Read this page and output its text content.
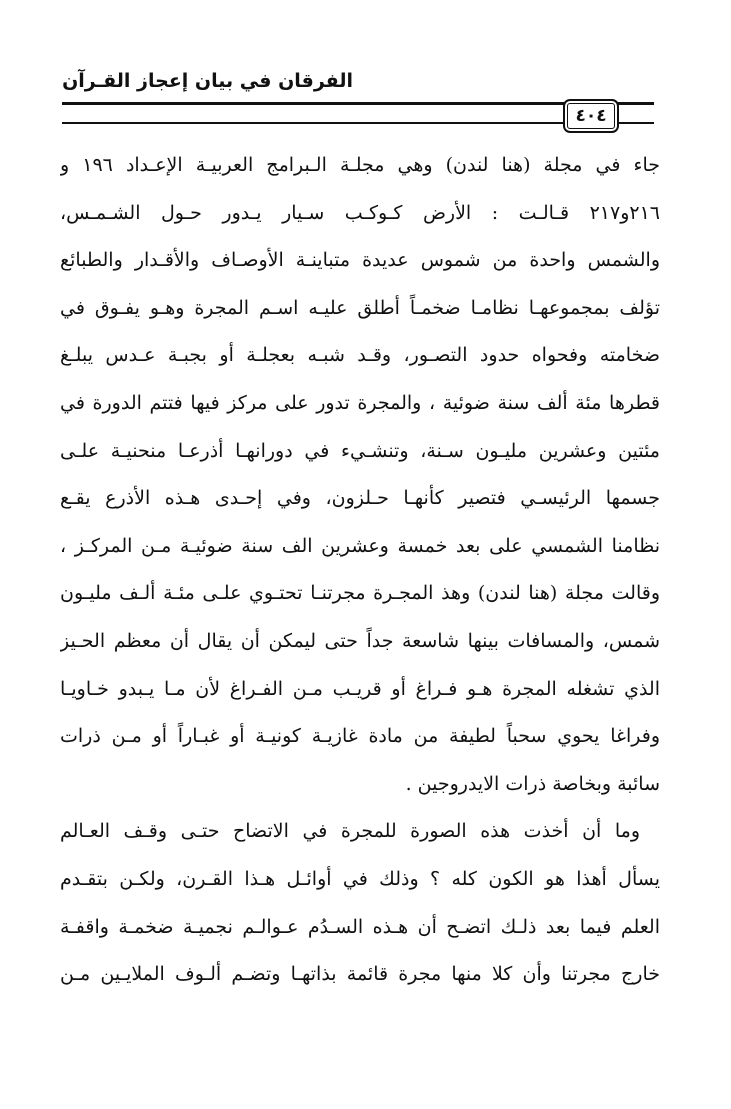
الفرقان في بيان إعجاز القـرآن
٤٠٤
جاء في مجلة (هنا لندن) وهي مجلـة الـبرامج العربيـة الإعـداد ١٩٦ و
٢١٦و٢١٧ قـالـت : الأرض كـوكـب سـيار يـدور حـول الشـمـس،
والشمس واحدة من شموس عديدة متباينـة الأوصـاف والأقـدار والطبائع
تؤلف بمجموعهـا نظامـا ضخمـاً أطلق عليـه اسـم المجرة وهـو يفـوق في
ضخامته وفحواه حدود التصـور، وقـد شبـه بعجلـة أو بجبـة عـدس يبلـغ
قطرها مئة ألف سنة ضوئية ، والمجرة تدور على مركز فيها فتتم الدورة في
مئتين وعشرين مليـون سـنة، وتنشـيء في دورانهـا أذرعـا منحنيـة علـى
جسمها الرئيسـي فتصير كأنهـا حـلزون، وفي إحـدى هـذه الأذرع يقـع
نظامنا الشمسي على بعد خمسة وعشرين الف سنة ضوئيـة مـن المركـز ،
وقالت مجلة (هنا لندن) وهذ المجـرة مجرتنـا تحتـوي علـى مئـة ألـف مليـون
شمس، والمسافات بينها شاسعة جداً حتى ليمكن أن يقال أن معظم الحـيز
الذي تشغله المجرة هـو فـراغ أو قريـب مـن الفـراغ لأن مـا يـبدو خـاويـا
وفراغا يحوي سحباً لطيفة من مادة غازيـة كونيـة أو غبـاراً أو مـن ذرات
سائبة وبخاصة ذرات الايدروجين .
وما أن أخذت هذه الصورة للمجرة في الاتضاح حتـى وقـف العـالم
يسأل أهذا هو الكون كله ؟ وذلك في أوائـل هـذا القـرن، ولكـن بتقـدم
العلم فيما بعد ذلـك اتضـح أن هـذه السـدُم عـوالـم نجميـة ضخمـة واقفـة
خارج مجرتنا وأن كلا منها مجرة قائمة بذاتهـا وتضـم ألـوف الملايـين مـن
